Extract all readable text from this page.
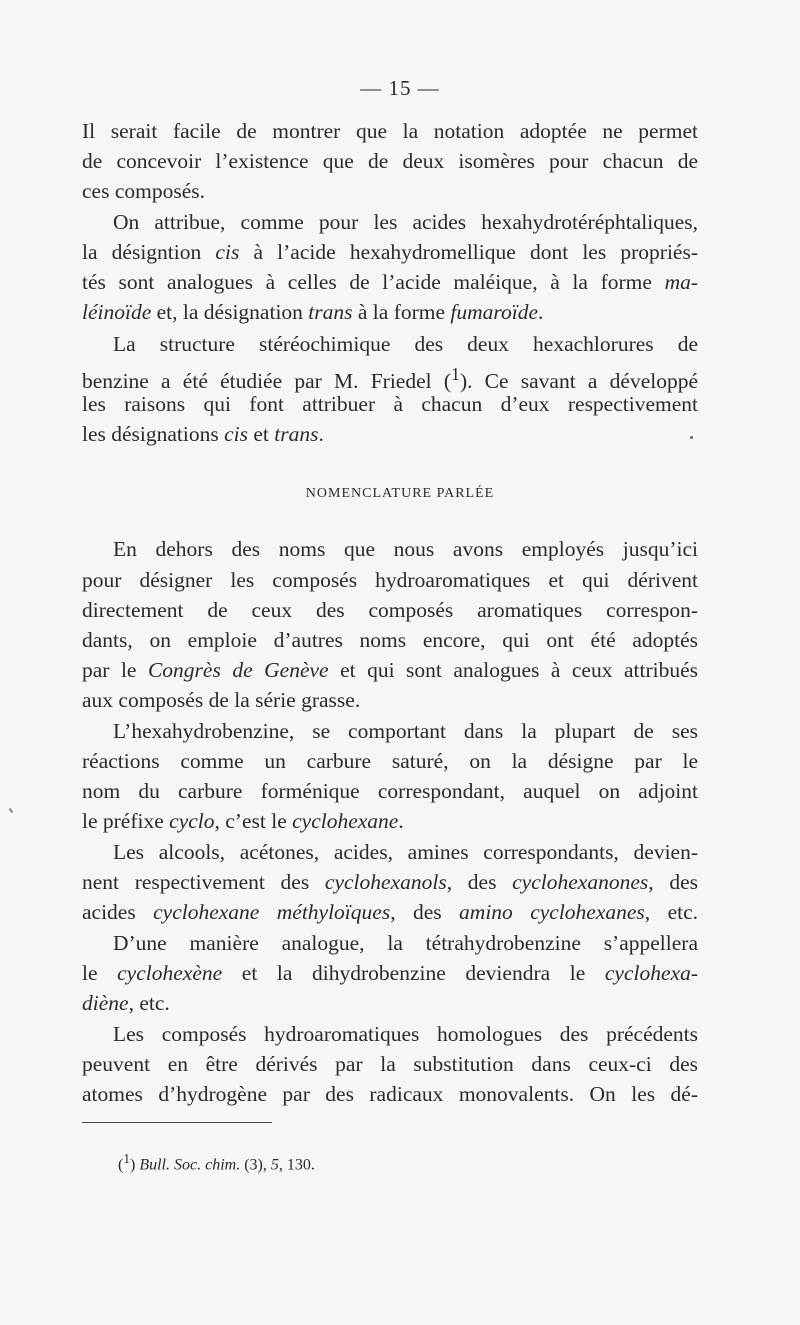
— 15 —
Il serait facile de montrer que la notation adoptée ne permet
de concevoir l’existence que de deux isomères pour chacun de
ces composés.
On attribue, comme pour les acides hexahydrotéréphtaliques,
la désigntion cis à l’acide hexahydromellique dont les propriés-
tés sont analogues à celles de l’acide maléique, à la forme ma-
léinoïde et, la désignation trans à la forme fumaroïde.
La structure stéréochimique des deux hexachlorures de
benzine a été étudiée par M. Friedel ($^1$). Ce savant a développé
les raisons qui font attribuer à chacun d’eux respectivement
les désignations cis et trans.
NOMENCLATURE PARLÉE
En dehors des noms que nous avons employés jusqu’ici
pour désigner les composés hydroaromatiques et qui dérivent
directement de ceux des composés aromatiques correspon-
dants, on emploie d’autres noms encore, qui ont été adoptés
par le Congrès de Genève et qui sont analogues à ceux attribués
aux composés de la série grasse.
L’hexahydrobenzine, se comportant dans la plupart de ses
réactions comme un carbure saturé, on la désigne par le
nom du carbure forménique correspondant, auquel on adjoint
le préfixe cyclo, c’est le cyclohexane.
Les alcools, acétones, acides, amines correspondants, devien-
nent respectivement des cyclohexanols, des cyclohexanones, des
acides cyclohexane méthyloïques, des amino cyclohexanes, etc.
D’une manière analogue, la tétrahydrobenzine s’appellera
le cyclohexène et la dihydrobenzine deviendra le cyclohexa-
diène, etc.
Les composés hydroaromatiques homologues des précédents
peuvent en être dérivés par la substitution dans ceux-ci des
atomes d’hydrogène par des radicaux monovalents. On les dé-
($^1$) Bull. Soc. chim. (3), 5, 130.
